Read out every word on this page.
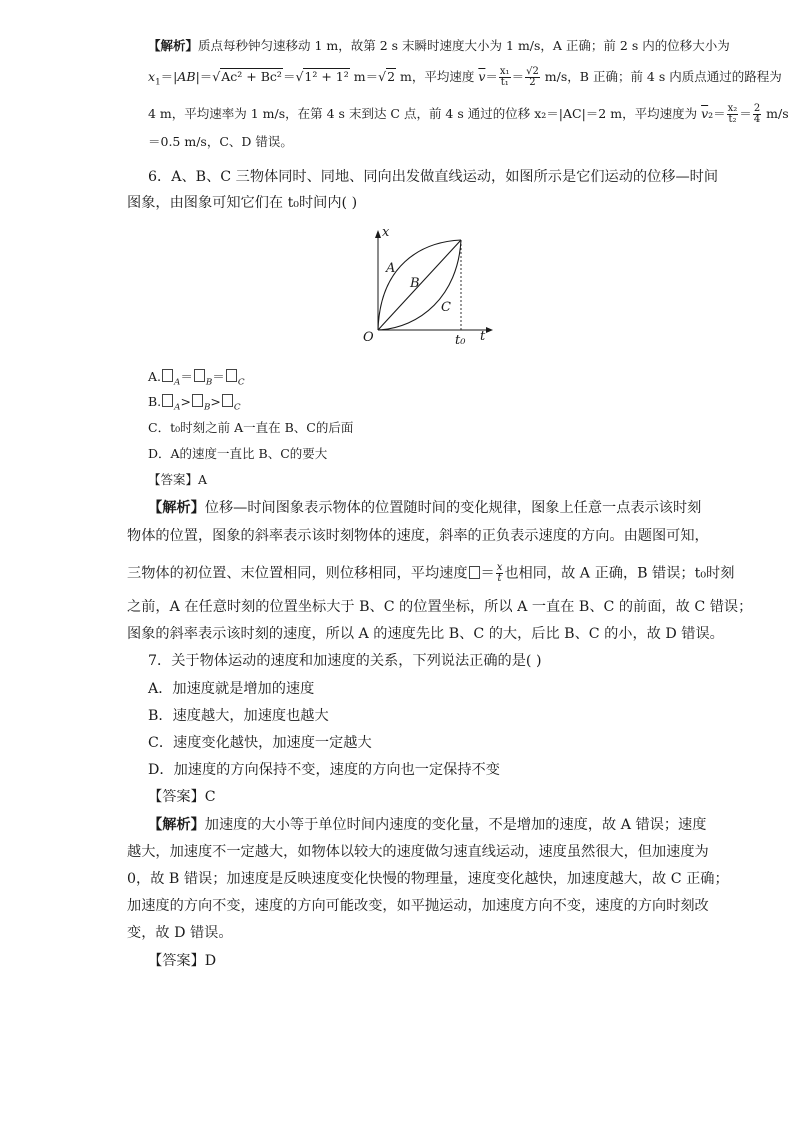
【解析】质点每秒钟匀速移动 1 m，故第 2 s 末瞬时速度大小为 1 m/s，A 正确；前 2 s 内的位移大小为
$x_1=|AB|=√Ac^2 + Bc^2=√1^2 + 1^2$ m＝√2 m，平均速度 $\overline{v}= \frac{\text{x₁}}{\text{t₁}} = \frac{√2}{2} m/s$，B 正确；前 4 s 内质点通过的路程为
4 m，平均速率为 1 m/s，在第 4 s 末到达 C 点，前 4 s 通过的位移 x₂＝|AC|＝2 m，平均速度为 $\overline{v}_2= \frac{\text{x₂}}{\text{t₂}} = \frac{2}{4} m/s$
＝0.5 m/s，C、D 错误。
6．A、B、C 三物体同时、同地、同向出发做直线运动，如图所示是它们运动的位移—时间
图象，由图象可知它们在 t₀时间内( )
x
t
O	t₀
A
B
C
A. $_A$＝ $_B$＝ $_C$
B. $_A$> $_B$> $_C$
C．t₀时刻之前 A一直在 B、C的后面
D．A的速度一直比 B、C的要大
【答案】A
【解析】位移—时间图象表示物体的位置随时间的变化规律，图象上任意一点表示该时刻
物体的位置，图象的斜率表示该时刻物体的速度，斜率的正负表示速度的方向。由题图可知，
三物体的初位置、末位置相同，则位移相同，平均速度 ＝ $\frac{x}{t}$ 也相同，故 A 正确，B 错误；t₀时刻
之前，A 在任意时刻的位置坐标大于 B、C 的位置坐标，所以 A 一直在 B、C 的前面，故 C 错误；
图象的斜率表示该时刻的速度，所以 A 的速度先比 B、C 的大，后比 B、C 的小，故 D 错误。
7．关于物体运动的速度和加速度的关系，下列说法正确的是( )
A．加速度就是增加的速度
B．速度越大，加速度也越大
C．速度变化越快，加速度一定越大
D．加速度的方向保持不变，速度的方向也一定保持不变
【答案】C
【解析】加速度的大小等于单位时间内速度的变化量，不是增加的速度，故 A 错误；速度
越大，加速度不一定越大，如物体以较大的速度做匀速直线运动，速度虽然很大，但加速度为
0，故 B 错误；加速度是反映速度变化快慢的物理量，速度变化越快，加速度越大，故 C 正确；
加速度的方向不变，速度的方向可能改变，如平抛运动，加速度方向不变，速度的方向时刻改
变，故 D 错误。
【答案】D
